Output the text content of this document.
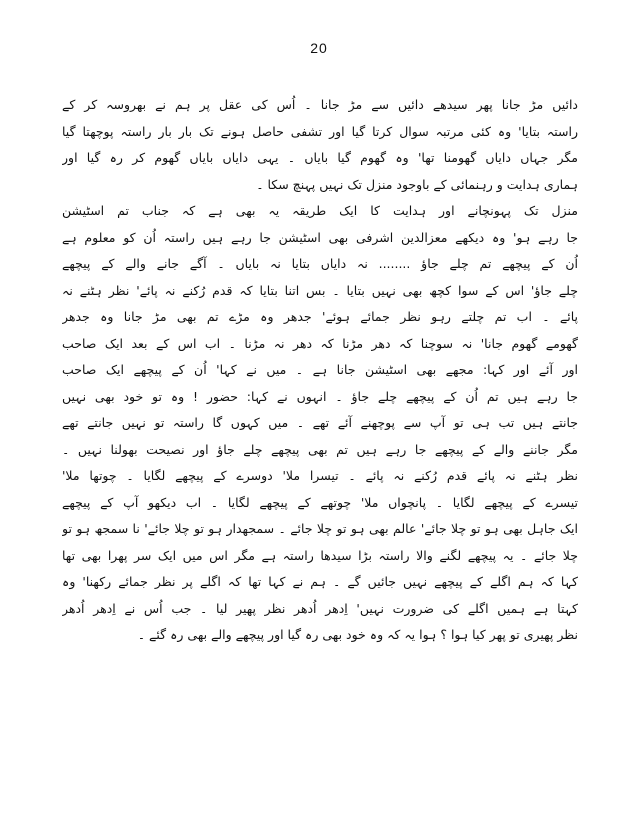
20
دائیں مڑ جانا پھر سیدھے دائیں سے مڑ جانا ۔ اُس کی عقل پر ہم نے بھروسہ کر کے
راستہ بتایا' وہ کئی مرتبہ سوال کرتا گیا اور تشفی حاصل ہونے تک بار بار راستہ پوچھتا گیا
مگر جہاں دایاں گھومنا تھا' وہ گھوم گیا بایاں ۔ یہی دایاں بایاں گھوم کر رہ گیا اور
ہماری ہدایت و رہنمائی کے باوجود منزل تک نہیں پہنچ سکا ۔
منزل تک پہونچانے اور ہدایت کا ایک طریقہ یہ بھی ہے کہ جناب تم اسٹیشن
جا رہے ہو' وہ دیکھے معزالدین اشرفی بھی اسٹیشن جا رہے ہیں راستہ اُن کو معلوم ہے
اُن کے پیچھے تم چلے جاؤ ........ نہ دایاں بتایا نہ بایاں ۔ آگے جانے والے کے پیچھے
چلے جاؤ' اس کے سوا کچھ بھی نہیں بتایا ۔ بس اتنا بتایا کہ قدم رُکنے نہ پائے' نظر ہٹنے نہ
پائے ۔ اب تم چلتے رہو نظر جمائے ہوئے' جدھر وہ مڑے تم بھی مڑ جانا وہ جدھر
گھومے گھوم جانا' نہ سوچنا کہ دھر مڑنا کہ دھر نہ مڑنا ۔ اب اس کے بعد ایک صاحب
اور آئے اور کہا: مجھے بھی اسٹیشن جانا ہے ۔ میں نے کہا' اُن کے پیچھے ایک صاحب
جا رہے ہیں تم اُن کے پیچھے چلے جاؤ ۔ انہوں نے کہا: حضور ! وہ تو خود بھی نہیں
جانتے ہیں تب ہی تو آپ سے پوچھنے آئے تھے ۔ میں کہوں گا راستہ تو نہیں جانتے تھے
مگر جاننے والے کے پیچھے جا رہے ہیں تم بھی پیچھے چلے جاؤ اور نصیحت بھولنا نہیں ۔
نظر ہٹنے نہ پائے قدم رُکنے نہ پائے ۔ تیسرا ملا' دوسرے کے پیچھے لگایا ۔ چوتھا ملا'
تیسرے کے پیچھے لگایا ۔ پانچواں ملا' چوتھے کے پیچھے لگایا ۔ اب دیکھو آپ کے پیچھے
ایک جاہل بھی ہو تو چلا جائے' عالم بھی ہو تو چلا جائے ۔ سمجھدار ہو تو چلا جائے' نا سمجھ ہو تو
چلا جائے ۔ یہ پیچھے لگنے والا راستہ بڑا سیدھا راستہ ہے مگر اس میں ایک سر پھرا بھی تھا
کہا کہ ہم اگلے کے پیچھے نہیں جائیں گے ۔ ہم نے کہا تھا کہ اگلے پر نظر جمائے رکھنا' وہ
کہتا ہے ہمیں اگلے کی ضرورت نہیں' اِدھر اُدھر نظر پھیر لیا ۔ جب اُس نے اِدھر اُدھر
نظر پھیری تو پھر کیا ہوا ؟ ہوا یہ کہ وہ خود بھی رہ گیا اور پیچھے والے بھی رہ گئے ۔
